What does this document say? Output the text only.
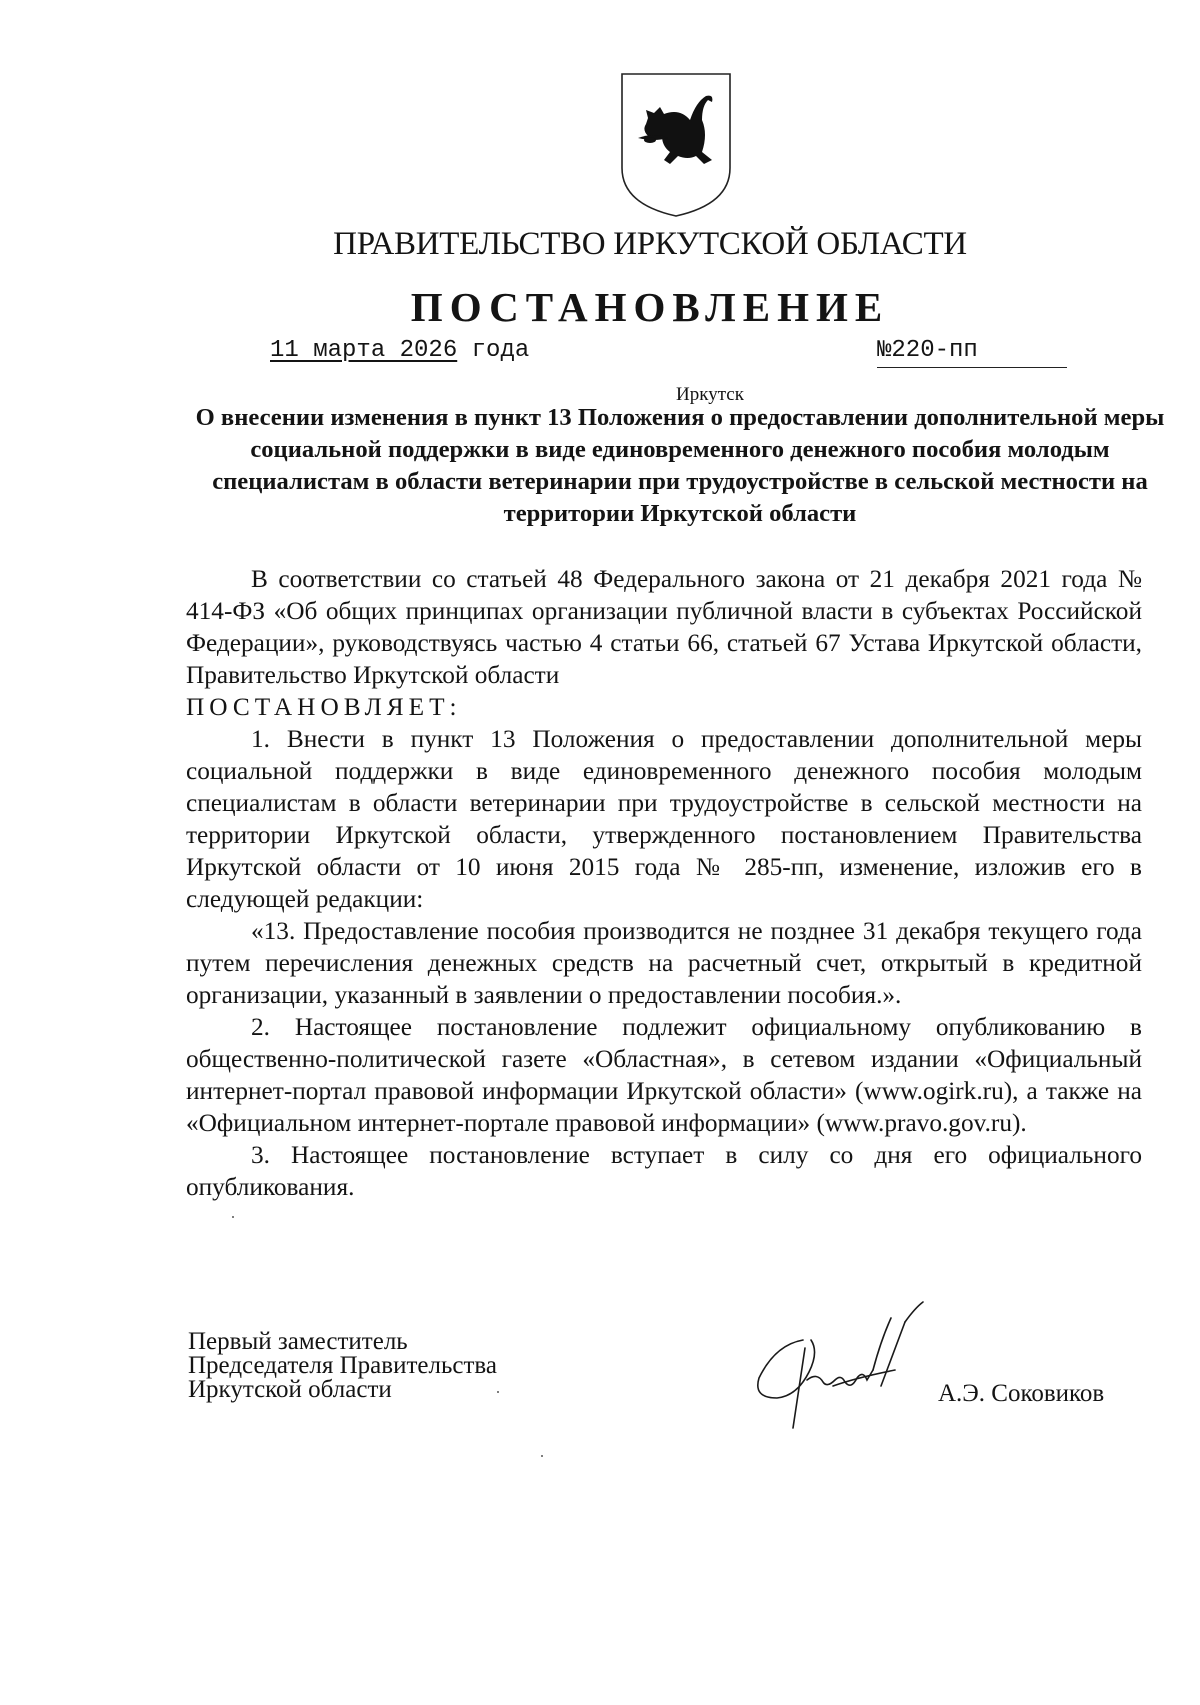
ПРАВИТЕЛЬСТВО ИРКУТСКОЙ ОБЛАСТИ
ПОСТАНОВЛЕНИЕ
11 марта 2026 года	№220-пп
Иркутск
О внесении изменения в пункт 13 Положения о предоставлении дополнительной меры социальной поддержки в виде единовременного денежного пособия молодым специалистам в области ветеринарии при трудоустройстве в сельской местности на территории Иркутской области

В соответствии со статьей 48 Федерального закона от 21 декабря 2021 года № 414-ФЗ «Об общих принципах организации публичной власти в субъектах Российской Федерации», руководствуясь частью 4 статьи 66, статьей 67 Устава Иркутской области, Правительство Иркутской области

ПОСТАНОВЛЯЕТ:

1. Внести в пункт 13 Положения о предоставлении дополнительной меры социальной поддержки в виде единовременного денежного пособия молодым специалистам в области ветеринарии при трудоустройстве в сельской местности на территории Иркутской области, утвержденного постановлением Правительства Иркутской области от 10 июня 2015 года № 285-пп, изменение, изложив его в следующей редакции:

«13. Предоставление пособия производится не позднее 31 декабря текущего года путем перечисления денежных средств на расчетный счет, открытый в кредитной организации, указанный в заявлении о предоставлении пособия.».

2. Настоящее постановление подлежит официальному опубликованию в общественно-политической газете «Областная», в сетевом издании «Официальный интернет-портал правовой информации Иркутской области» (www.ogirk.ru), а также на «Официальном интернет-портале правовой информации» (www.pravo.gov.ru).

3. Настоящее постановление вступает в силу со дня его официального опубликования.

Первый заместитель
Председателя Правительства
Иркутской области	А.Э. Соковиков
